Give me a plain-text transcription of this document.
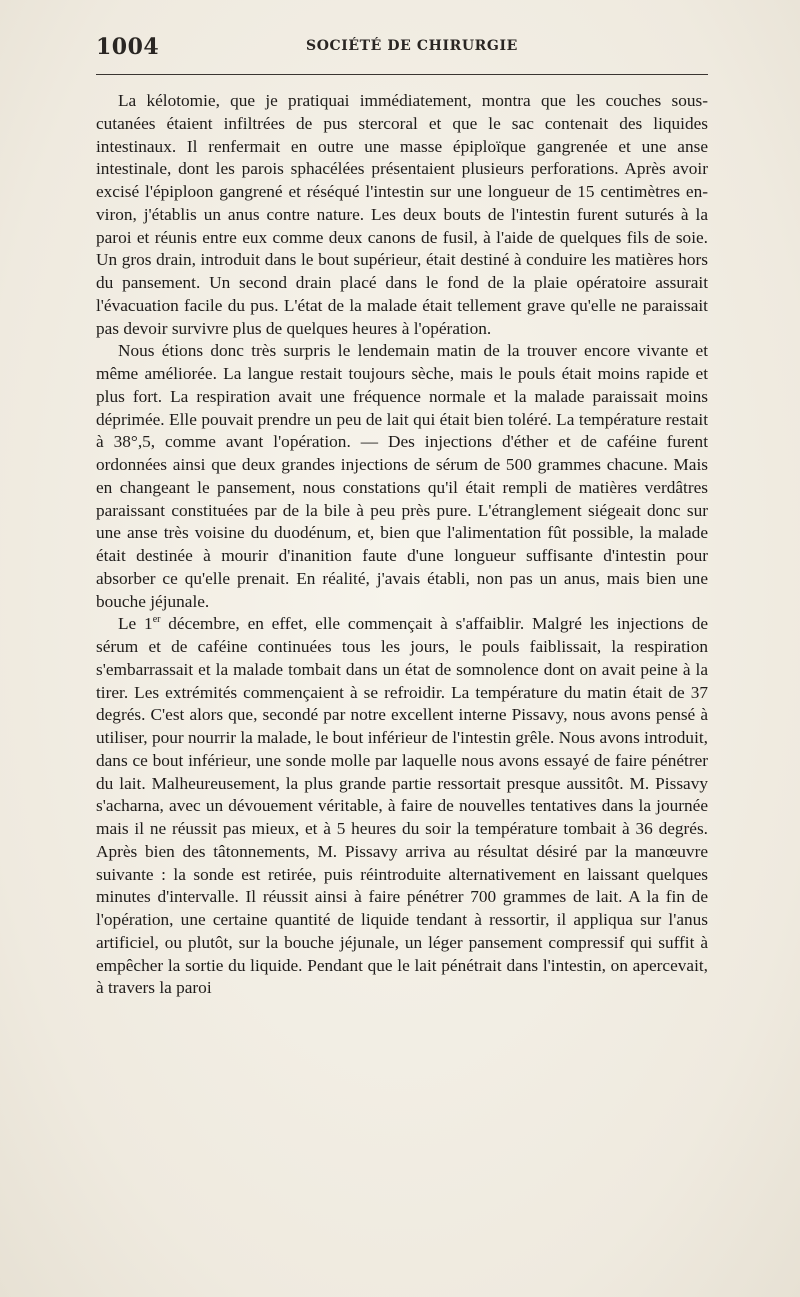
1004	SOCIÉTÉ DE CHIRURGIE

La kélotomie, que je pratiquai immédiatement, montra que les couches sous-cutanées étaient infiltrées de pus stercoral et que le sac contenait des liquides intestinaux. Il renfermait en outre une masse épiploïque gangrenée et une anse intestinale, dont les parois sphacélées présentaient plusieurs perforations. Après avoir excisé l'épiploon gangrené et réséqué l'intestin sur une longueur de 15 centimètres environ, j'établis un anus contre nature. Les deux bouts de l'intestin furent suturés à la paroi et réunis entre eux comme deux canons de fusil, à l'aide de quelques fils de soie. Un gros drain, introduit dans le bout supérieur, était destiné à conduire les matières hors du pansement. Un second drain placé dans le fond de la plaie opératoire assurait l'évacuation facile du pus. L'état de la malade était tellement grave qu'elle ne paraissait pas devoir survivre plus de quelques heures à l'opération.

Nous étions donc très surpris le lendemain matin de la trouver encore vivante et même améliorée. La langue restait toujours sèche, mais le pouls était moins rapide et plus fort. La respiration avait une fréquence normale et la malade paraissait moins déprimée. Elle pouvait prendre un peu de lait qui était bien toléré. La température restait à 38°,5, comme avant l'opération. — Des injections d'éther et de caféine furent ordonnées ainsi que deux grandes injections de sérum de 500 grammes chacune. Mais en changeant le pansement, nous constations qu'il était rempli de matières verdâtres paraissant constituées par de la bile à peu près pure. L'étranglement siégeait donc sur une anse très voisine du duodénum, et, bien que l'alimentation fût possible, la malade était destinée à mourir d'inanition faute d'une longueur suffisante d'intestin pour absorber ce qu'elle prenait. En réalité, j'avais établi, non pas un anus, mais bien une bouche jéjunale.

Le 1er décembre, en effet, elle commençait à s'affaiblir. Malgré les injections de sérum et de caféine continuées tous les jours, le pouls faiblissait, la respiration s'embarrassait et la malade tombait dans un état de somnolence dont on avait peine à la tirer. Les extrémités commençaient à se refroidir. La température du matin était de 37 degrés. C'est alors que, secondé par notre excellent interne Pissavy, nous avons pensé à utiliser, pour nourrir la malade, le bout inférieur de l'intestin grêle. Nous avons introduit, dans ce bout inférieur, une sonde molle par laquelle nous avons essayé de faire pénétrer du lait. Malheureusement, la plus grande partie ressortait presque aussitôt. M. Pissavy s'acharna, avec un dévouement véritable, à faire de nouvelles tentatives dans la journée mais il ne réussit pas mieux, et à 5 heures du soir la température tombait à 36 degrés. Après bien des tâtonnements, M. Pissavy arriva au résultat désiré par la manœuvre suivante : la sonde est retirée, puis réintroduite alternativement en laissant quelques minutes d'intervalle. Il réussit ainsi à faire pénétrer 700 grammes de lait. A la fin de l'opération, une certaine quantité de liquide tendant à ressortir, il appliqua sur l'anus artificiel, ou plutôt, sur la bouche jéjunale, un léger pansement compressif qui suffit à empêcher la sortie du liquide. Pendant que le lait pénétrait dans l'intestin, on apercevait, à travers la paroi
